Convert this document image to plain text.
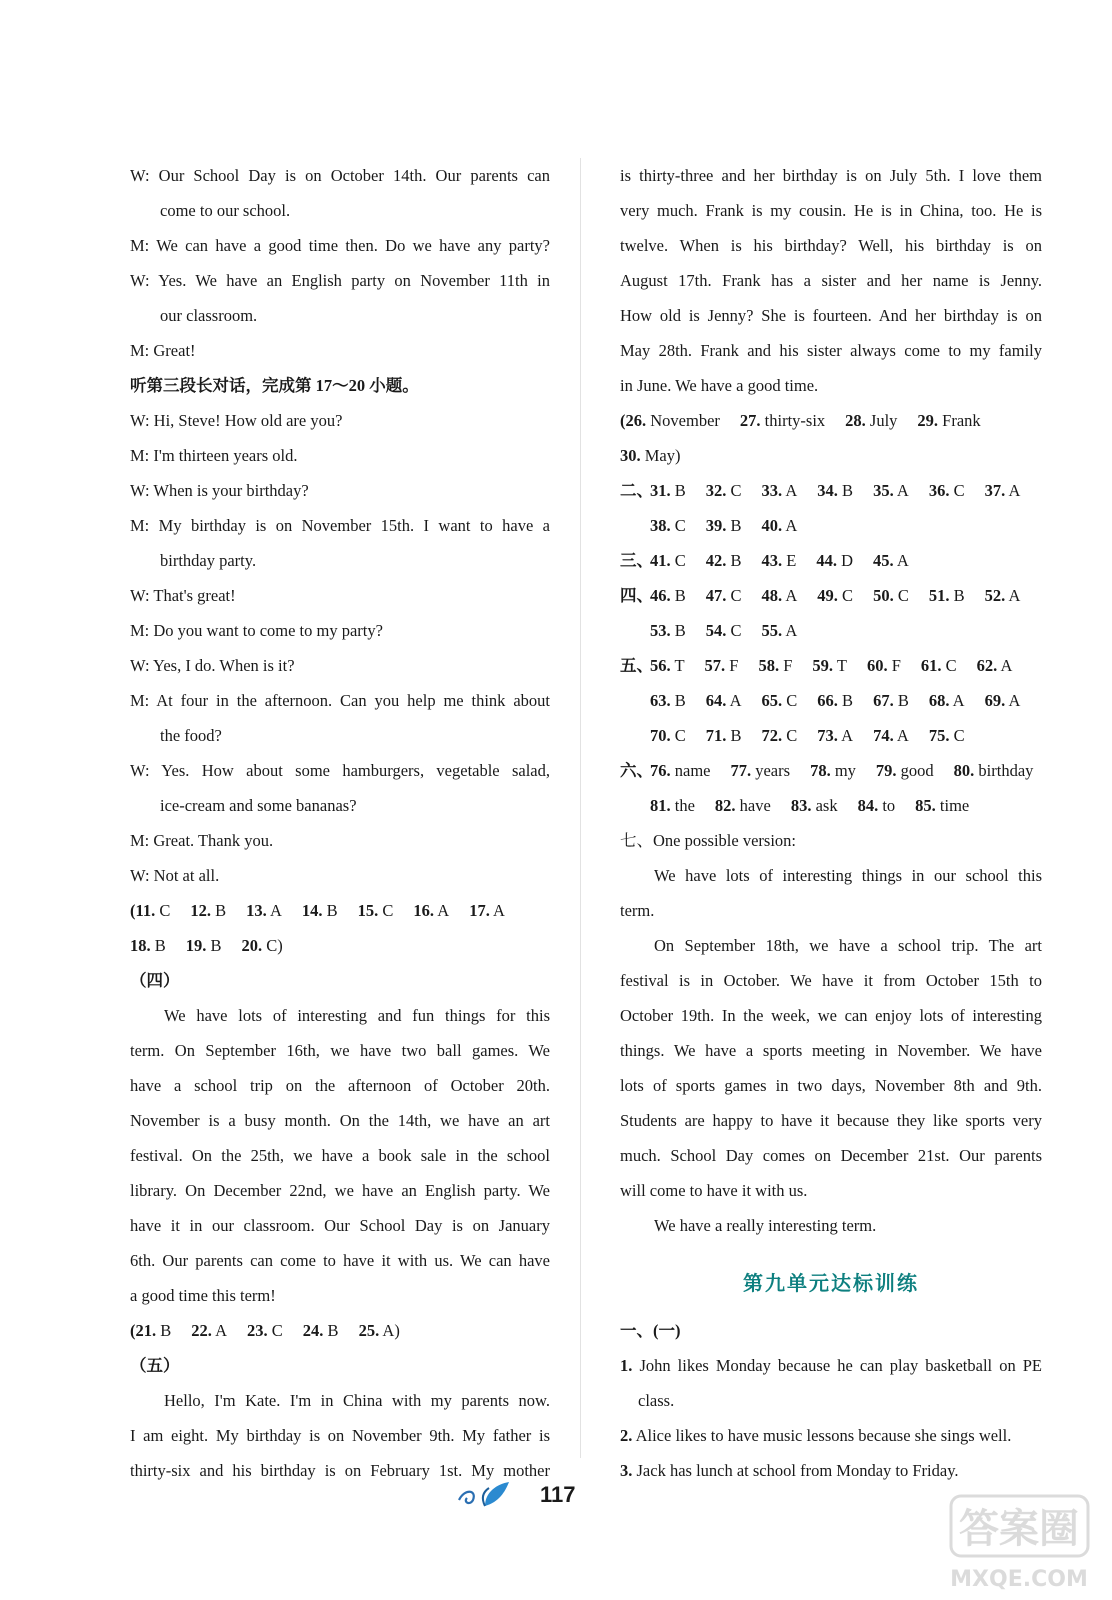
W: Our School Day is on October 14th. Our parents can
come to our school.
M: We can have a good time then. Do we have any party?
W: Yes. We have an English party on November 11th in
our classroom.
M: Great!
听第三段长对话，完成第 17～20 小题。
W: Hi, Steve! How old are you?
M: I'm thirteen years old.
W: When is your birthday?
M: My birthday is on November 15th. I want to have a
birthday party.
W: That's great!
M: Do you want to come to my party?
W: Yes, I do. When is it?
M: At four in the afternoon. Can you help me think about
the food?
W: Yes. How about some hamburgers, vegetable salad,
ice-cream and some bananas?
M: Great. Thank you.
W: Not at all.
(11. C 12. B 13. A 14. B 15. C 16. A 17. A
18. B 19. B 20. C)
（四）
We have lots of interesting and fun things for this
term. On September 16th, we have two ball games. We
have a school trip on the afternoon of October 20th.
November is a busy month. On the 14th, we have an art
festival. On the 25th, we have a book sale in the school
library. On December 22nd, we have an English party. We
have it in our classroom. Our School Day is on January
6th. Our parents can come to have it with us. We can have
a good time this term!
(21. B 22. A 23. C 24. B 25. A)
（五）
Hello, I'm Kate. I'm in China with my parents now.
I am eight. My birthday is on November 9th. My father is
thirty-six and his birthday is on February 1st. My mother
is thirty-three and her birthday is on July 5th. I love them
very much. Frank is my cousin. He is in China, too. He is
twelve. When is his birthday? Well, his birthday is on
August 17th. Frank has a sister and her name is Jenny.
How old is Jenny? She is fourteen. And her birthday is on
May 28th. Frank and his sister always come to my family
in June. We have a good time.
(26. November 27. thirty-six 28. July 29. Frank
30. May)
二、31. B 32. C 33. A 34. B 35. A 36. C 37. A
38. C 39. B 40. A
三、41. C 42. B 43. E 44. D 45. A
四、46. B 47. C 48. A 49. C 50. C 51. B 52. A
53. B 54. C 55. A
五、56. T 57. F 58. F 59. T 60. F 61. C 62. A
63. B 64. A 65. C 66. B 67. B 68. A 69. A
70. C 71. B 72. C 73. A 74. A 75. C
六、76. name 77. years 78. my 79. good 80. birthday
81. the 82. have 83. ask 84. to 85. time
七、One possible version:
We have lots of interesting things in our school this
term.
On September 18th, we have a school trip. The art
festival is in October. We have it from October 15th to
October 19th. In the week, we can enjoy lots of interesting
things. We have a sports meeting in November. We have
lots of sports games in two days, November 8th and 9th.
Students are happy to have it because they like sports very
much. School Day comes on December 21st. Our parents
will come to have it with us.
We have a really interesting term.
第九单元达标训练
一、(一)
1. John likes Monday because he can play basketball on PE
class.
2. Alice likes to have music lessons because she sings well.
3. Jack has lunch at school from Monday to Friday.
117
答案圈
MXQE.COM
